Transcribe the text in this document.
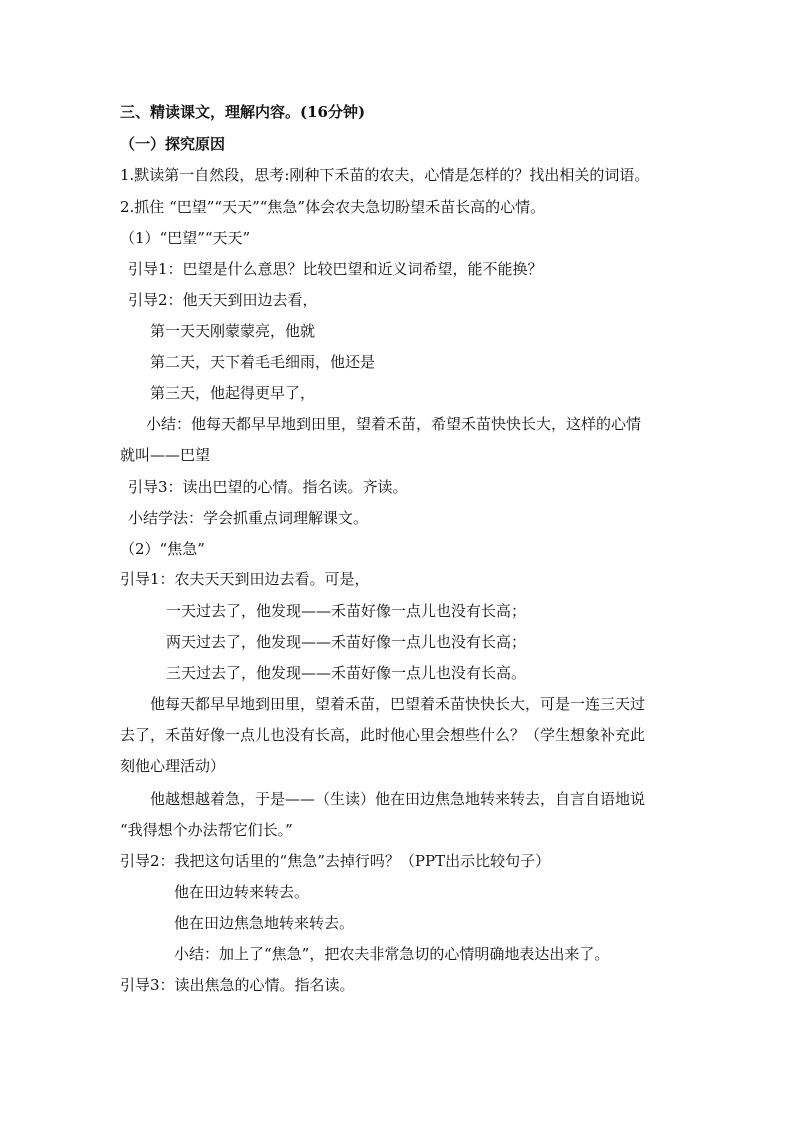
三、精读课文，理解内容。(16分钟)
（一）探究原因
1.默读第一自然段，思考:刚种下禾苗的农夫，心情是怎样的？找出相关的词语。
2.抓住 “巴望”“天天”“焦急”体会农夫急切盼望禾苗长高的心情。
（1）“巴望”“天天”
引导1：巴望是什么意思？比较巴望和近义词希望，能不能换？
引导2：他天天到田边去看，
第一天天刚蒙蒙亮，他就
第二天，天下着毛毛细雨，他还是
第三天，他起得更早了，
小结：他每天都早早地到田里，望着禾苗，希望禾苗快快长大，这样的心情
就叫——巴望
引导3：读出巴望的心情。指名读。齐读。
小结学法：学会抓重点词理解课文。
（2）“焦急”
引导1：农夫天天到田边去看。可是，
一天过去了，他发现——禾苗好像一点儿也没有长高；
两天过去了，他发现——禾苗好像一点儿也没有长高；
三天过去了，他发现——禾苗好像一点儿也没有长高。
他每天都早早地到田里，望着禾苗，巴望着禾苗快快长大，可是一连三天过
去了，禾苗好像一点儿也没有长高，此时他心里会想些什么？（学生想象补充此
刻他心理活动）
他越想越着急，于是——（生读）他在田边焦急地转来转去，自言自语地说
“我得想个办法帮它们长。”
引导2：我把这句话里的“焦急”去掉行吗？（PPT出示比较句子）
他在田边转来转去。
他在田边焦急地转来转去。
小结：加上了“焦急”，把农夫非常急切的心情明确地表达出来了。
引导3：读出焦急的心情。指名读。
